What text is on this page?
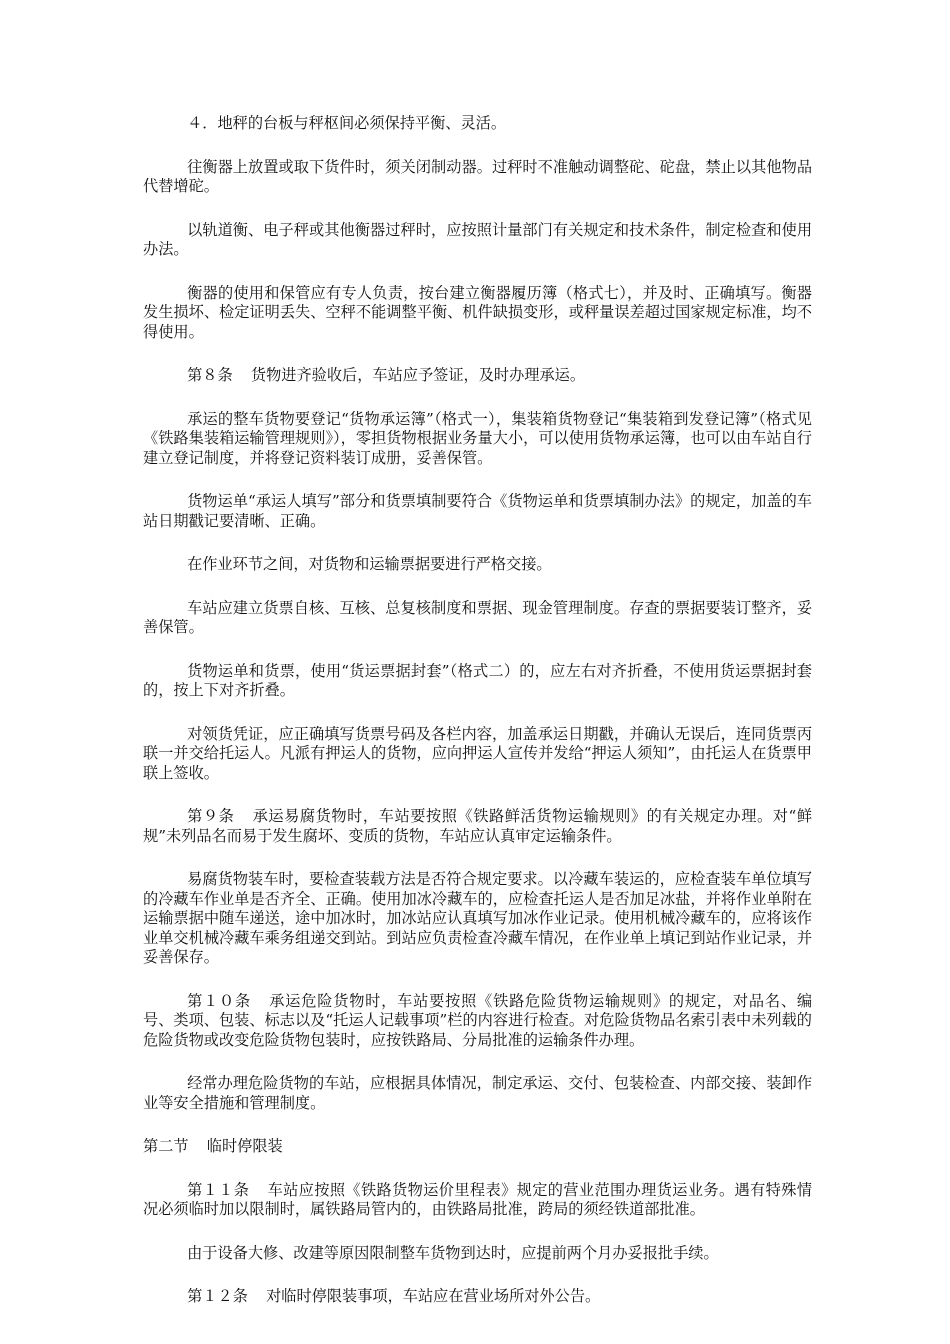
４．地秤的台板与秤枢间必须保持平衡、灵活。

往衡器上放置或取下货件时，须关闭制动器。过秤时不准触动调整砣、砣盘，禁止以其他物品代替增砣。

以轨道衡、电子秤或其他衡器过秤时，应按照计量部门有关规定和技术条件，制定检查和使用办法。

衡器的使用和保管应有专人负责，按台建立衡器履历簿（格式七），并及时、正确填写。衡器发生损坏、检定证明丢失、空秤不能调整平衡、机件缺损变形，或秤量误差超过国家规定标准，均不得使用。

第８条 货物进齐验收后，车站应予签证，及时办理承运。

承运的整车货物要登记“货物承运簿”（格式一），集装箱货物登记“集装箱到发登记簿”（格式见《铁路集装箱运输管理规则》），零担货物根据业务量大小，可以使用货物承运簿，也可以由车站自行建立登记制度，并将登记资料装订成册，妥善保管。

货物运单“承运人填写”部分和货票填制要符合《货物运单和货票填制办法》的规定，加盖的车站日期戳记要清晰、正确。

在作业环节之间，对货物和运输票据要进行严格交接。

车站应建立货票自核、互核、总复核制度和票据、现金管理制度。存查的票据要装订整齐，妥善保管。

货物运单和货票，使用“货运票据封套”（格式二）的，应左右对齐折叠，不使用货运票据封套的，按上下对齐折叠。

对领货凭证，应正确填写货票号码及各栏内容，加盖承运日期戳，并确认无误后，连同货票丙联一并交给托运人。凡派有押运人的货物，应向押运人宣传并发给“押运人须知”，由托运人在货票甲联上签收。

第９条 承运易腐货物时，车站要按照《铁路鲜活货物运输规则》的有关规定办理。对“鲜规”未列品名而易于发生腐坏、变质的货物，车站应认真审定运输条件。

易腐货物装车时，要检查装载方法是否符合规定要求。以冷藏车装运的，应检查装车单位填写的冷藏车作业单是否齐全、正确。使用加冰冷藏车的，应检查托运人是否加足冰盐，并将作业单附在运输票据中随车递送，途中加冰时，加冰站应认真填写加冰作业记录。使用机械冷藏车的，应将该作业单交机械冷藏车乘务组递交到站。到站应负责检查冷藏车情况，在作业单上填记到站作业记录，并妥善保存。

第１０条 承运危险货物时，车站要按照《铁路危险货物运输规则》的规定，对品名、编号、类项、包装、标志以及“托运人记载事项”栏的内容进行检查。对危险货物品名索引表中未列载的危险货物或改变危险货物包装时，应按铁路局、分局批准的运输条件办理。

经常办理危险货物的车站，应根据具体情况，制定承运、交付、包装检查、内部交接、装卸作业等安全措施和管理制度。

第二节 临时停限装

第１１条 车站应按照《铁路货物运价里程表》规定的营业范围办理货运业务。遇有特殊情况必须临时加以限制时，属铁路局管内的，由铁路局批准，跨局的须经铁道部批准。

由于设备大修、改建等原因限制整车货物到达时，应提前两个月办妥报批手续。

第１２条 对临时停限装事项，车站应在营业场所对外公告。
